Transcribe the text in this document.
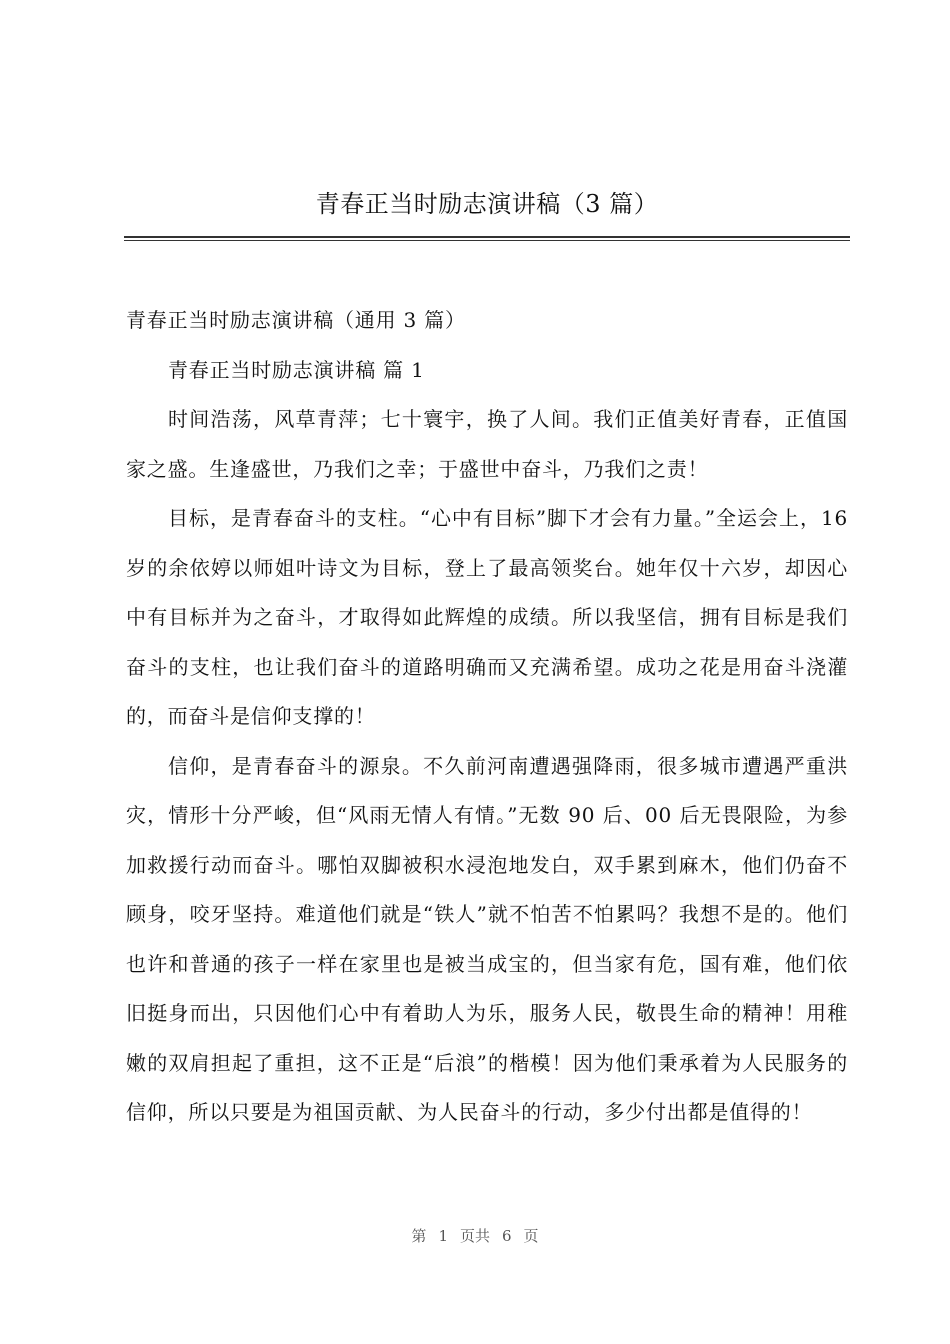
青春正当时励志演讲稿（3 篇）

青春正当时励志演讲稿（通用 3 篇）

青春正当时励志演讲稿 篇 1

时间浩荡，风草青萍；七十寰宇，换了人间。我们正值美好青春，正值国家之盛。生逢盛世，乃我们之幸；于盛世中奋斗，乃我们之责！

目标，是青春奋斗的支柱。“心中有目标”脚下才会有力量。”全运会上，16 岁的余依婷以师姐叶诗文为目标，登上了最高领奖台。她年仅十六岁，却因心中有目标并为之奋斗，才取得如此辉煌的成绩。所以我坚信，拥有目标是我们奋斗的支柱，也让我们奋斗的道路明确而又充满希望。成功之花是用奋斗浇灌的，而奋斗是信仰支撑的！

信仰，是青春奋斗的源泉。不久前河南遭遇强降雨，很多城市遭遇严重洪灾，情形十分严峻，但“风雨无情人有情。”无数 90 后、00 后无畏限险，为参加救援行动而奋斗。哪怕双脚被积水浸泡地发白，双手累到麻木，他们仍奋不顾身，咬牙坚持。难道他们就是“铁人”就不怕苦不怕累吗？我想不是的。他们也许和普通的孩子一样在家里也是被当成宝的，但当家有危，国有难，他们依旧挺身而出，只因他们心中有着助人为乐，服务人民，敬畏生命的精神！用稚嫩的双肩担起了重担，这不正是“后浪”的楷模！因为他们秉承着为人民服务的信仰，所以只要是为祖国贡献、为人民奋斗的行动，多少付出都是值得的！

第 1 页共 6 页
